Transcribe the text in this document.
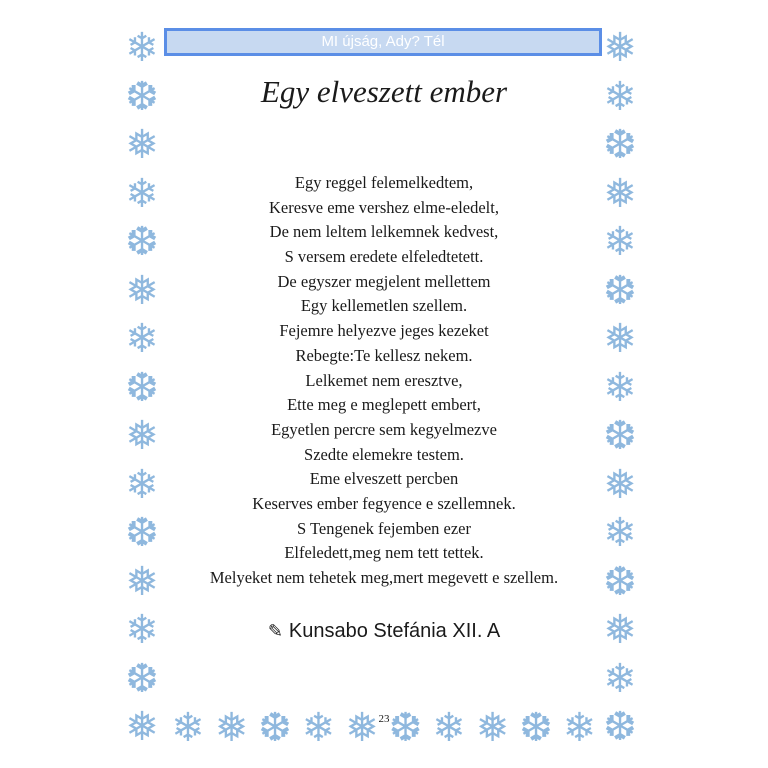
❄	❅
❆	❄
❅	❆
❄	❅
❆	❄
❅	❆
❄	❅
❆	❄
❅	❆
❄	❅
❆	❄
❅	❆
❄	❅
❆	❄
❅	❆
❄ ❅ ❆ ❄ ❅ ❆ ❄ ❅ ❆ ❄
MI újság, Ady? Tél
Egy elveszett ember
Egy reggel felemelkedtem,
Keresve eme vershez elme-eledelt,
De nem leltem lelkemnek kedvest,
S versem eredete elfeledtetett.
De egyszer megjelent mellettem
Egy kellemetlen szellem.
Fejemre helyezve jeges kezeket
Rebegte:Te kellesz nekem.
Lelkemet nem eresztve,
Ette meg e meglepett embert,
Egyetlen percre sem kegyelmezve
Szedte elemekre testem.
Eme elveszett percben
Keserves ember fegyence e szellemnek.
S Tengenek fejemben ezer
Elfeledett,meg nem tett tettek.
Melyeket nem tehetek meg,mert megevett e szellem.
✎ Kunsabo Stefánia XII. A
23
